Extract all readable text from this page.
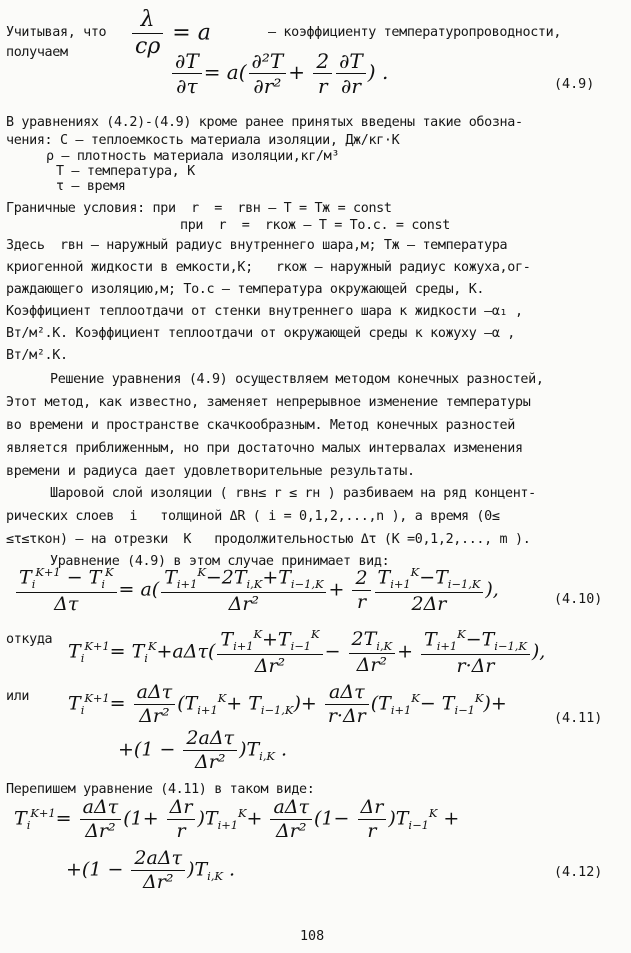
Учитывая, что $\frac{\lambda}{c\rho} = a$	– коэффициенту температуропроводности,
получаем	$\frac{\partial T}{\partial\tau} = a( \frac{\text{∂²T}}{\text{∂r²}} + \frac{2}{r} \frac{\partial T}{\partial r}$ ) .
(4.9)
В уравнениях (4.2)-(4.9) кроме ранее принятых введены такие обозна-
чения: C – теплоемкость материала изоляции, Дж/кг·К
ρ – плотность материала изоляции,кг/м³
T – температура, К
τ – время
Граничные условия: при  r  =  rвн – Т = Тж = const
при  r  =  rкож – Т = То.с. = const
Здесь  rвн – наружный радиус внутреннего шара,м; Тж – температура
криогенной жидкости в емкости,К;   rкож – наружный радиус кожуха,ог-
раждающего изоляцию,м; То.с – температура окружающей среды, К.
Коэффициент теплоотдачи от стенки внутреннего шара к жидкости –α₁ ,
Вт/м².К. Коэффициент теплоотдачи от окружающей среды к кожуху –α ,
Вт/м².К.
Решение уравнения (4.9) осуществляем методом конечных разностей,
Этот метод, как известно, заменяет непрерывное изменение температуры
во времени и пространстве скачкообразным. Метод конечных разностей
является приближенным, но при достаточно малых интервалах изменения
времени и радиуса дает удовлетворительные результаты.
Шаровой слой изоляции ( rвн≤ r ≤ rн ) разбиваем на ряд концент-
рических слоев  i   толщиной ΔR ( i = 0,1,2,...,n ), а время (0≤
≤τ≤τкон) – на отрезки  K   продолжительностью Δτ (K =0,1,2,..., m ).
Уравнение (4.9) в этом случае принимает вид:
$T_i^{K+1} - T_i^K$
Δτ
= $a( \frac{T_{i+1}^K-2T_{i,K}+T_{i-1,K}}{\text{Δr²}} + \frac{2}{r} \frac{T_{i+1}^K-T_{i-1,K}}{2\Delta r}$ ),	(4.10)
откуда
$T_i^{K+1}= T_i^K+a\Delta\tau( \frac{T_{i+1}^K+T_{i-1}^K}{\text{Δr²}} - \frac{2T_{i,K}}{\text{Δr²}} + \frac{T_{i+1}^K-T_{i-1,K}}{r\cdot\Delta r}$ ),
или $T_i^{K+1}=$
aΔτ
Δr²
$(T_{i+1}^K+ T_{i-1,K})+$
aΔτ
r·Δr
$(T_{i+1}^K- T_{i-1}^K)+$
(4.11)
+(1 −
2aΔτ
Δr²
)$T_{i,K}$ .
Перепишем уравнение (4.11) в таком виде:
$T_i^{K+1}=$
aΔτ
Δr²
$(1+ \frac{\Delta r}{r} )T_{i+1}^K+$
aΔτ
Δr²
$(1- \frac{\Delta r}{r} )T_{i-1}^K$ +
+(1 −
2aΔτ
Δr²
)$T_{i,K}$ .	(4.12)
108
